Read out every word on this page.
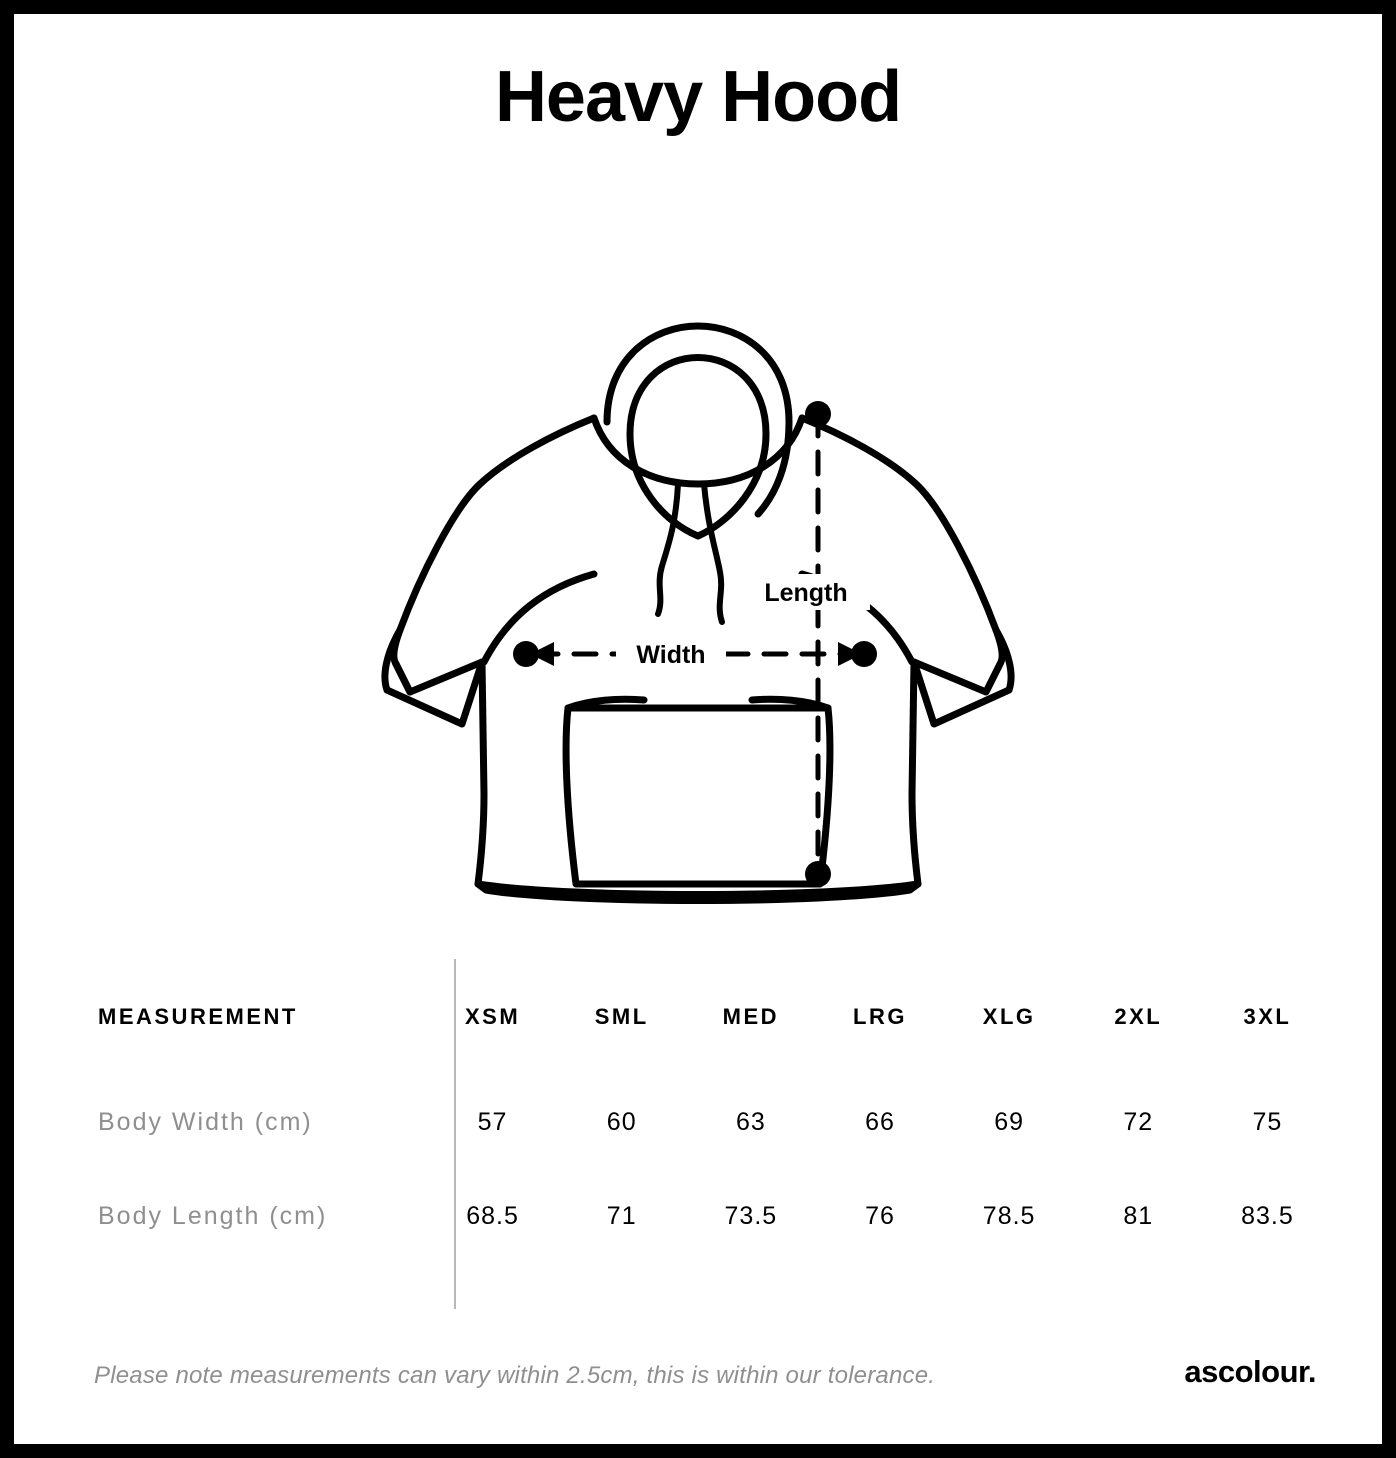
Heavy Hood
Width
Length
MEASUREMENT	XSM	SML	MED	LRG	XLG	2XL	3XL
Body Width (cm)	57	60	63	66	69	72	75
Body Length (cm)	68.5	71	73.5	76	78.5	81	83.5
Please note measurements can vary within 2.5cm, this is within our tolerance.	ascolour.
